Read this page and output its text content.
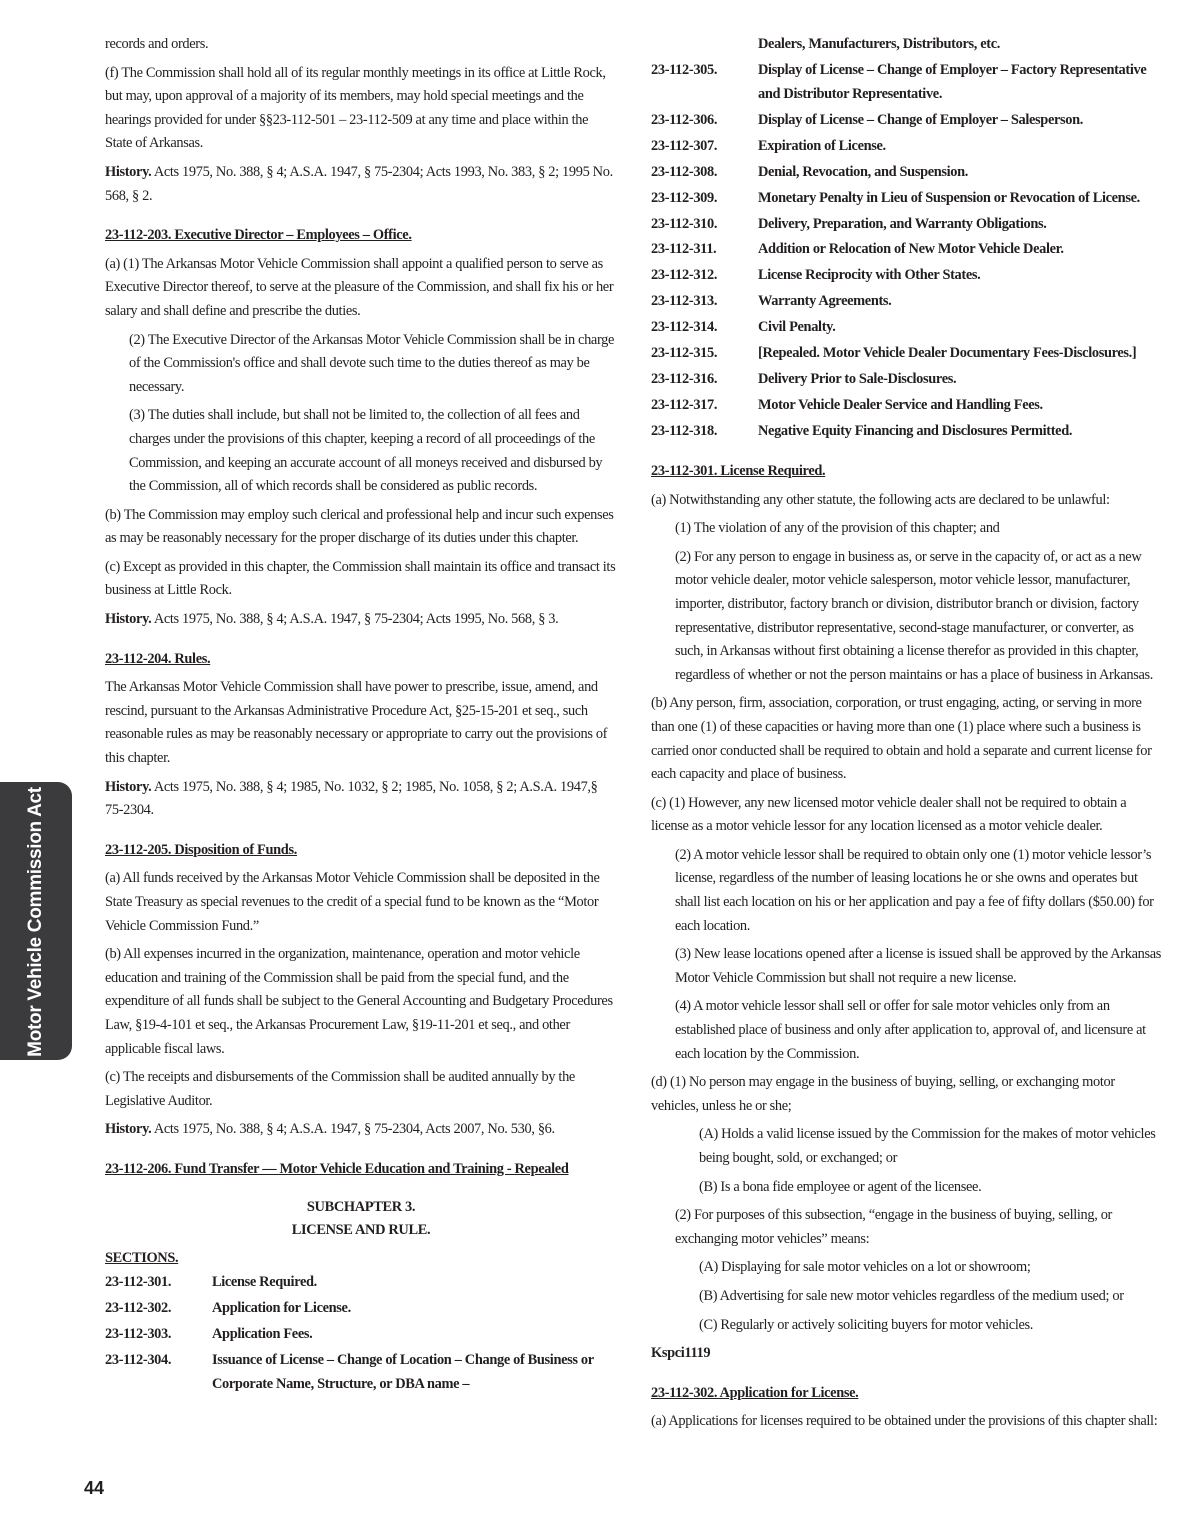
Motor Vehicle Commission Act

records and orders.

(f) The Commission shall hold all of its regular monthly meetings in its office at Little Rock, but may, upon approval of a majority of its members, may hold special meetings and the hearings provided for under §§23-112-501 – 23-112-509 at any time and place within the State of Arkansas.

History. Acts 1975, No. 388, § 4; A.S.A. 1947, § 75-2304; Acts 1993, No. 383, § 2; 1995 No. 568, § 2.

23-112-203. Executive Director – Employees – Office.

(a) (1) The Arkansas Motor Vehicle Commission shall appoint a qualified person to serve as Executive Director thereof, to serve at the pleasure of the Commission, and shall fix his or her salary and shall define and prescribe the duties.

(2) The Executive Director of the Arkansas Motor Vehicle Commission shall be in charge of the Commission's office and shall devote such time to the duties thereof as may be necessary.

(3) The duties shall include, but shall not be limited to, the collection of all fees and charges under the provisions of this chapter, keeping a record of all proceedings of the Commission, and keeping an accurate account of all moneys received and disbursed by the Commission, all of which records shall be considered as public records.

(b) The Commission may employ such clerical and professional help and incur such expenses as may be reasonably necessary for the proper discharge of its duties under this chapter.

(c) Except as provided in this chapter, the Commission shall maintain its office and transact its business at Little Rock.

History. Acts 1975, No. 388, § 4; A.S.A. 1947, § 75-2304; Acts 1995, No. 568, § 3.

23-112-204. Rules.

The Arkansas Motor Vehicle Commission shall have power to prescribe, issue, amend, and rescind, pursuant to the Arkansas Administrative Procedure Act, §25-15-201 et seq., such reasonable rules as may be reasonably necessary or appropriate to carry out the provisions of this chapter.

History. Acts 1975, No. 388, § 4; 1985, No. 1032, § 2; 1985, No. 1058, § 2; A.S.A. 1947,§ 75-2304.

23-112-205. Disposition of Funds.

(a) All funds received by the Arkansas Motor Vehicle Commission shall be deposited in the State Treasury as special revenues to the credit of a special fund to be known as the “Motor Vehicle Commission Fund.”

(b) All expenses incurred in the organization, maintenance, operation and motor vehicle education and training of the Commission shall be paid from the special fund, and the expenditure of all funds shall be subject to the General Accounting and Budgetary Procedures Law, §19-4-101 et seq., the Arkansas Procurement Law, §19-11-201 et seq., and other applicable fiscal laws.

(c) The receipts and disbursements of the Commission shall be audited annually by the Legislative Auditor.

History. Acts 1975, No. 388, § 4; A.S.A. 1947, § 75-2304, Acts 2007, No. 530, §6.

23-112-206. Fund Transfer — Motor Vehicle Education and Training - Repealed
SUBCHAPTER 3.
LICENSE AND RULE.
SECTIONS.
23-112-301.	License Required.
23-112-302.	Application for License.
23-112-303.	Application Fees.
23-112-304.	Issuance of License – Change of Location – Change of Business or Corporate Name, Structure, or DBA name –
Dealers, Manufacturers, Distributors, etc.
23-112-305.	Display of License – Change of Employer – Factory Representative and Distributor Representative.
23-112-306.	Display of License – Change of Employer – Salesperson.
23-112-307.	Expiration of License.
23-112-308.	Denial, Revocation, and Suspension.
23-112-309.	Monetary Penalty in Lieu of Suspension or Revocation of License.
23-112-310.	Delivery, Preparation, and Warranty Obligations.
23-112-311.	Addition or Relocation of New Motor Vehicle Dealer.
23-112-312.	License Reciprocity with Other States.
23-112-313.	Warranty Agreements.
23-112-314.	Civil Penalty.
23-112-315.	[Repealed. Motor Vehicle Dealer Documentary Fees-Disclosures.]
23-112-316.	Delivery Prior to Sale-Disclosures.
23-112-317.	Motor Vehicle Dealer Service and Handling Fees.
23-112-318.	Negative Equity Financing and Disclosures Permitted.
23-112-301. License Required.

(a) Notwithstanding any other statute, the following acts are declared to be unlawful:

(1) The violation of any of the provision of this chapter; and

(2) For any person to engage in business as, or serve in the capacity of, or act as a new motor vehicle dealer, motor vehicle salesperson, motor vehicle lessor, manufacturer, importer, distributor, factory branch or division, distributor branch or division, factory representative, distributor representative, second-stage manufacturer, or converter, as such, in Arkansas without first obtaining a license therefor as provided in this chapter, regardless of whether or not the person maintains or has a place of business in Arkansas.

(b) Any person, firm, association, corporation, or trust engaging, acting, or serving in more than one (1) of these capacities or having more than one (1) place where such a business is carried onor conducted shall be required to obtain and hold a separate and current license for each capacity and place of business.

(c) (1) However, any new licensed motor vehicle dealer shall not be required to obtain a license as a motor vehicle lessor for any location licensed as a motor vehicle dealer.

(2) A motor vehicle lessor shall be required to obtain only one (1) motor vehicle lessor’s license, regardless of the number of leasing locations he or she owns and operates but shall list each location on his or her application and pay a fee of fifty dollars ($50.00) for each location.

(3) New lease locations opened after a license is issued shall be approved by the Arkansas Motor Vehicle Commission but shall not require a new license.

(4) A motor vehicle lessor shall sell or offer for sale motor vehicles only from an established place of business and only after application to, approval of, and licensure at each location by the Commission.

(d) (1) No person may engage in the business of buying, selling, or exchanging motor vehicles, unless he or she;

(A) Holds a valid license issued by the Commission for the makes of motor vehicles being bought, sold, or exchanged; or

(B) Is a bona fide employee or agent of the licensee.

(2) For purposes of this subsection, “engage in the business of buying, selling, or exchanging motor vehicles” means:

(A) Displaying for sale motor vehicles on a lot or showroom;

(B) Advertising for sale new motor vehicles regardless of the medium used; or

(C) Regularly or actively soliciting buyers for motor vehicles.

Kspci1119

23-112-302. Application for License.

(a) Applications for licenses required to be obtained under the provisions of this chapter shall:

44
